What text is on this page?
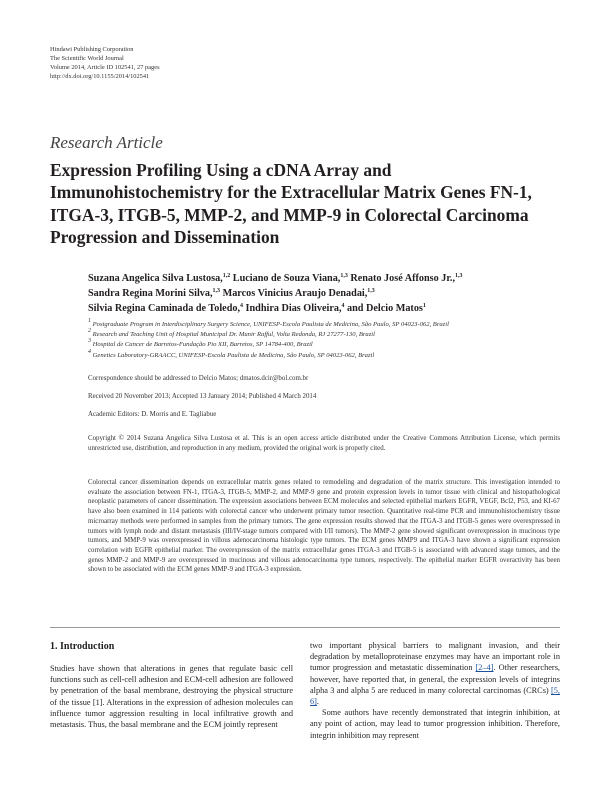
Hindawi Publishing Corporation
The Scientific World Journal
Volume 2014, Article ID 102541, 27 pages
http://dx.doi.org/10.1155/2014/102541
Research Article
Expression Profiling Using a cDNA Array and
Immunohistochemistry for the Extracellular Matrix Genes FN-1,
ITGA-3, ITGB-5, MMP-2, and MMP-9 in Colorectal Carcinoma
Progression and Dissemination
Suzana Angelica Silva Lustosa,$^{1,2}$ Luciano de Souza Viana,$^{1,3}$ Renato José Affonso Jr.,$^{1,3}$
Sandra Regina Morini Silva,$^{1,3}$ Marcos Vinicius Araujo Denadai,$^{1,3}$
Silvia Regina Caminada de Toledo,$^4$ Indhira Dias Oliveira,$^4$ and Delcio Matos$^1$
$^1$ Postgraduate Program in Interdisciplinary Surgery Science, UNIFESP-Escola Paulista de Medicina, São Paulo, SP 04023-062, Brazil
$^2$ Research and Teaching Unit of Hospital Municipal Dr. Munir Rafful, Volta Redonda, RJ 27277-130, Brazil
$^3$ Hospital de Cancer de Barretos-Fundação Pio XII, Barretos, SP 14784-400, Brazil
$^4$ Genetics Laboratory-GRAACC, UNIFESP-Escola Paulista de Medicina, São Paulo, SP 04023-062, Brazil
Correspondence should be addressed to Delcio Matos; dmatos.dcir@bol.com.br
Received 20 November 2013; Accepted 13 January 2014; Published 4 March 2014
Academic Editors: D. Morris and E. Tagliabue
Copyright © 2014 Suzana Angelica Silva Lustosa et al. This is an open access article distributed under the Creative Commons Attribution License, which permits unrestricted use, distribution, and reproduction in any medium, provided the original work is properly cited.
Colorectal cancer dissemination depends on extracellular matrix genes related to remodeling and degradation of the matrix structure. This investigation intended to evaluate the association between FN-1, ITGA-3, ITGB-5, MMP-2, and MMP-9 gene and protein expression levels in tumor tissue with clinical and histopathological neoplastic parameters of cancer dissemination. The expression associations between ECM molecules and selected epithelial markers EGFR, VEGF, Bcl2, P53, and KI-67 have also been examined in 114 patients with colorectal cancer who underwent primary tumor resection. Quantitative real-time PCR and immunohistochemistry tissue microarray methods were performed in samples from the primary tumors. The gene expression results showed that the ITGA-3 and ITGB-5 genes were overexpressed in tumors with lymph node and distant metastasis (III/IV-stage tumors compared with I/II tumors). The MMP-2 gene showed significant overexpression in mucinous type tumors, and MMP-9 was overexpressed in villous adenocarcinoma histologic type tumors. The ECM genes MMP9 and ITGA-3 have shown a significant expression correlation with EGFR epithelial marker. The overexpression of the matrix extracellular genes ITGA-3 and ITGB-5 is associated with advanced stage tumors, and the genes MMP-2 and MMP-9 are overexpressed in mucinous and villous adenocarcinoma type tumors, respectively. The epithelial marker EGFR overactivity has been shown to be associated with the ECM genes MMP-9 and ITGA-3 expression.
1. Introduction

Studies have shown that alterations in genes that regulate basic cell functions such as cell-cell adhesion and ECM-cell adhesion are followed by penetration of the basal membrane, destroying the physical structure of the tissue [1]. Alterations in the expression of adhesion molecules can influence tumor aggression resulting in local infiltrative growth and metastasis. Thus, the basal membrane and the ECM jointly represent

two important physical barriers to malignant invasion, and their degradation by metalloproteinase enzymes may have an important role in tumor progression and metastatic dissemination [2–4]. Other researchers, however, have reported that, in general, the expression levels of integrins alpha 3 and alpha 5 are reduced in many colorectal carcinomas (CRCs) [5, 6].

Some authors have recently demonstrated that integrin inhibition, at any point of action, may lead to tumor progression inhibition. Therefore, integrin inhibition may represent
